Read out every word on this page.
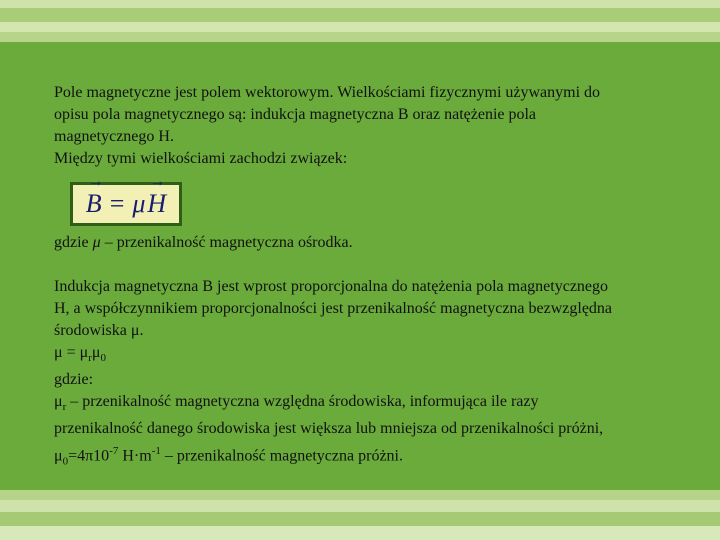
Pole magnetyczne jest polem wektorowym. Wielkościami fizycznymi używanymi do
opisu pola magnetycznego są: indukcja magnetyczna B oraz natężenie pola
magnetycznego H.
Między tymi wielkościami zachodzi związek:
→ B = μ
→ H
gdzie μ – przenikalność magnetyczna ośrodka.
Indukcja magnetyczna B jest wprost proporcjonalna do natężenia pola magnetycznego
H, a współczynnikiem proporcjonalności jest przenikalność magnetyczna bezwzględna
środowiska μ.
$\mu = \mu_r\mu_0$
gdzie:
$\mu_r$ – przenikalność magnetyczna względna środowiska, informująca ile razy
przenikalność danego środowiska jest większa lub mniejsza od przenikalności próżni,
$\mu_0=4\pi 10^{-7}$ $H\cdot m^{-1}$ – przenikalność magnetyczna próżni.
